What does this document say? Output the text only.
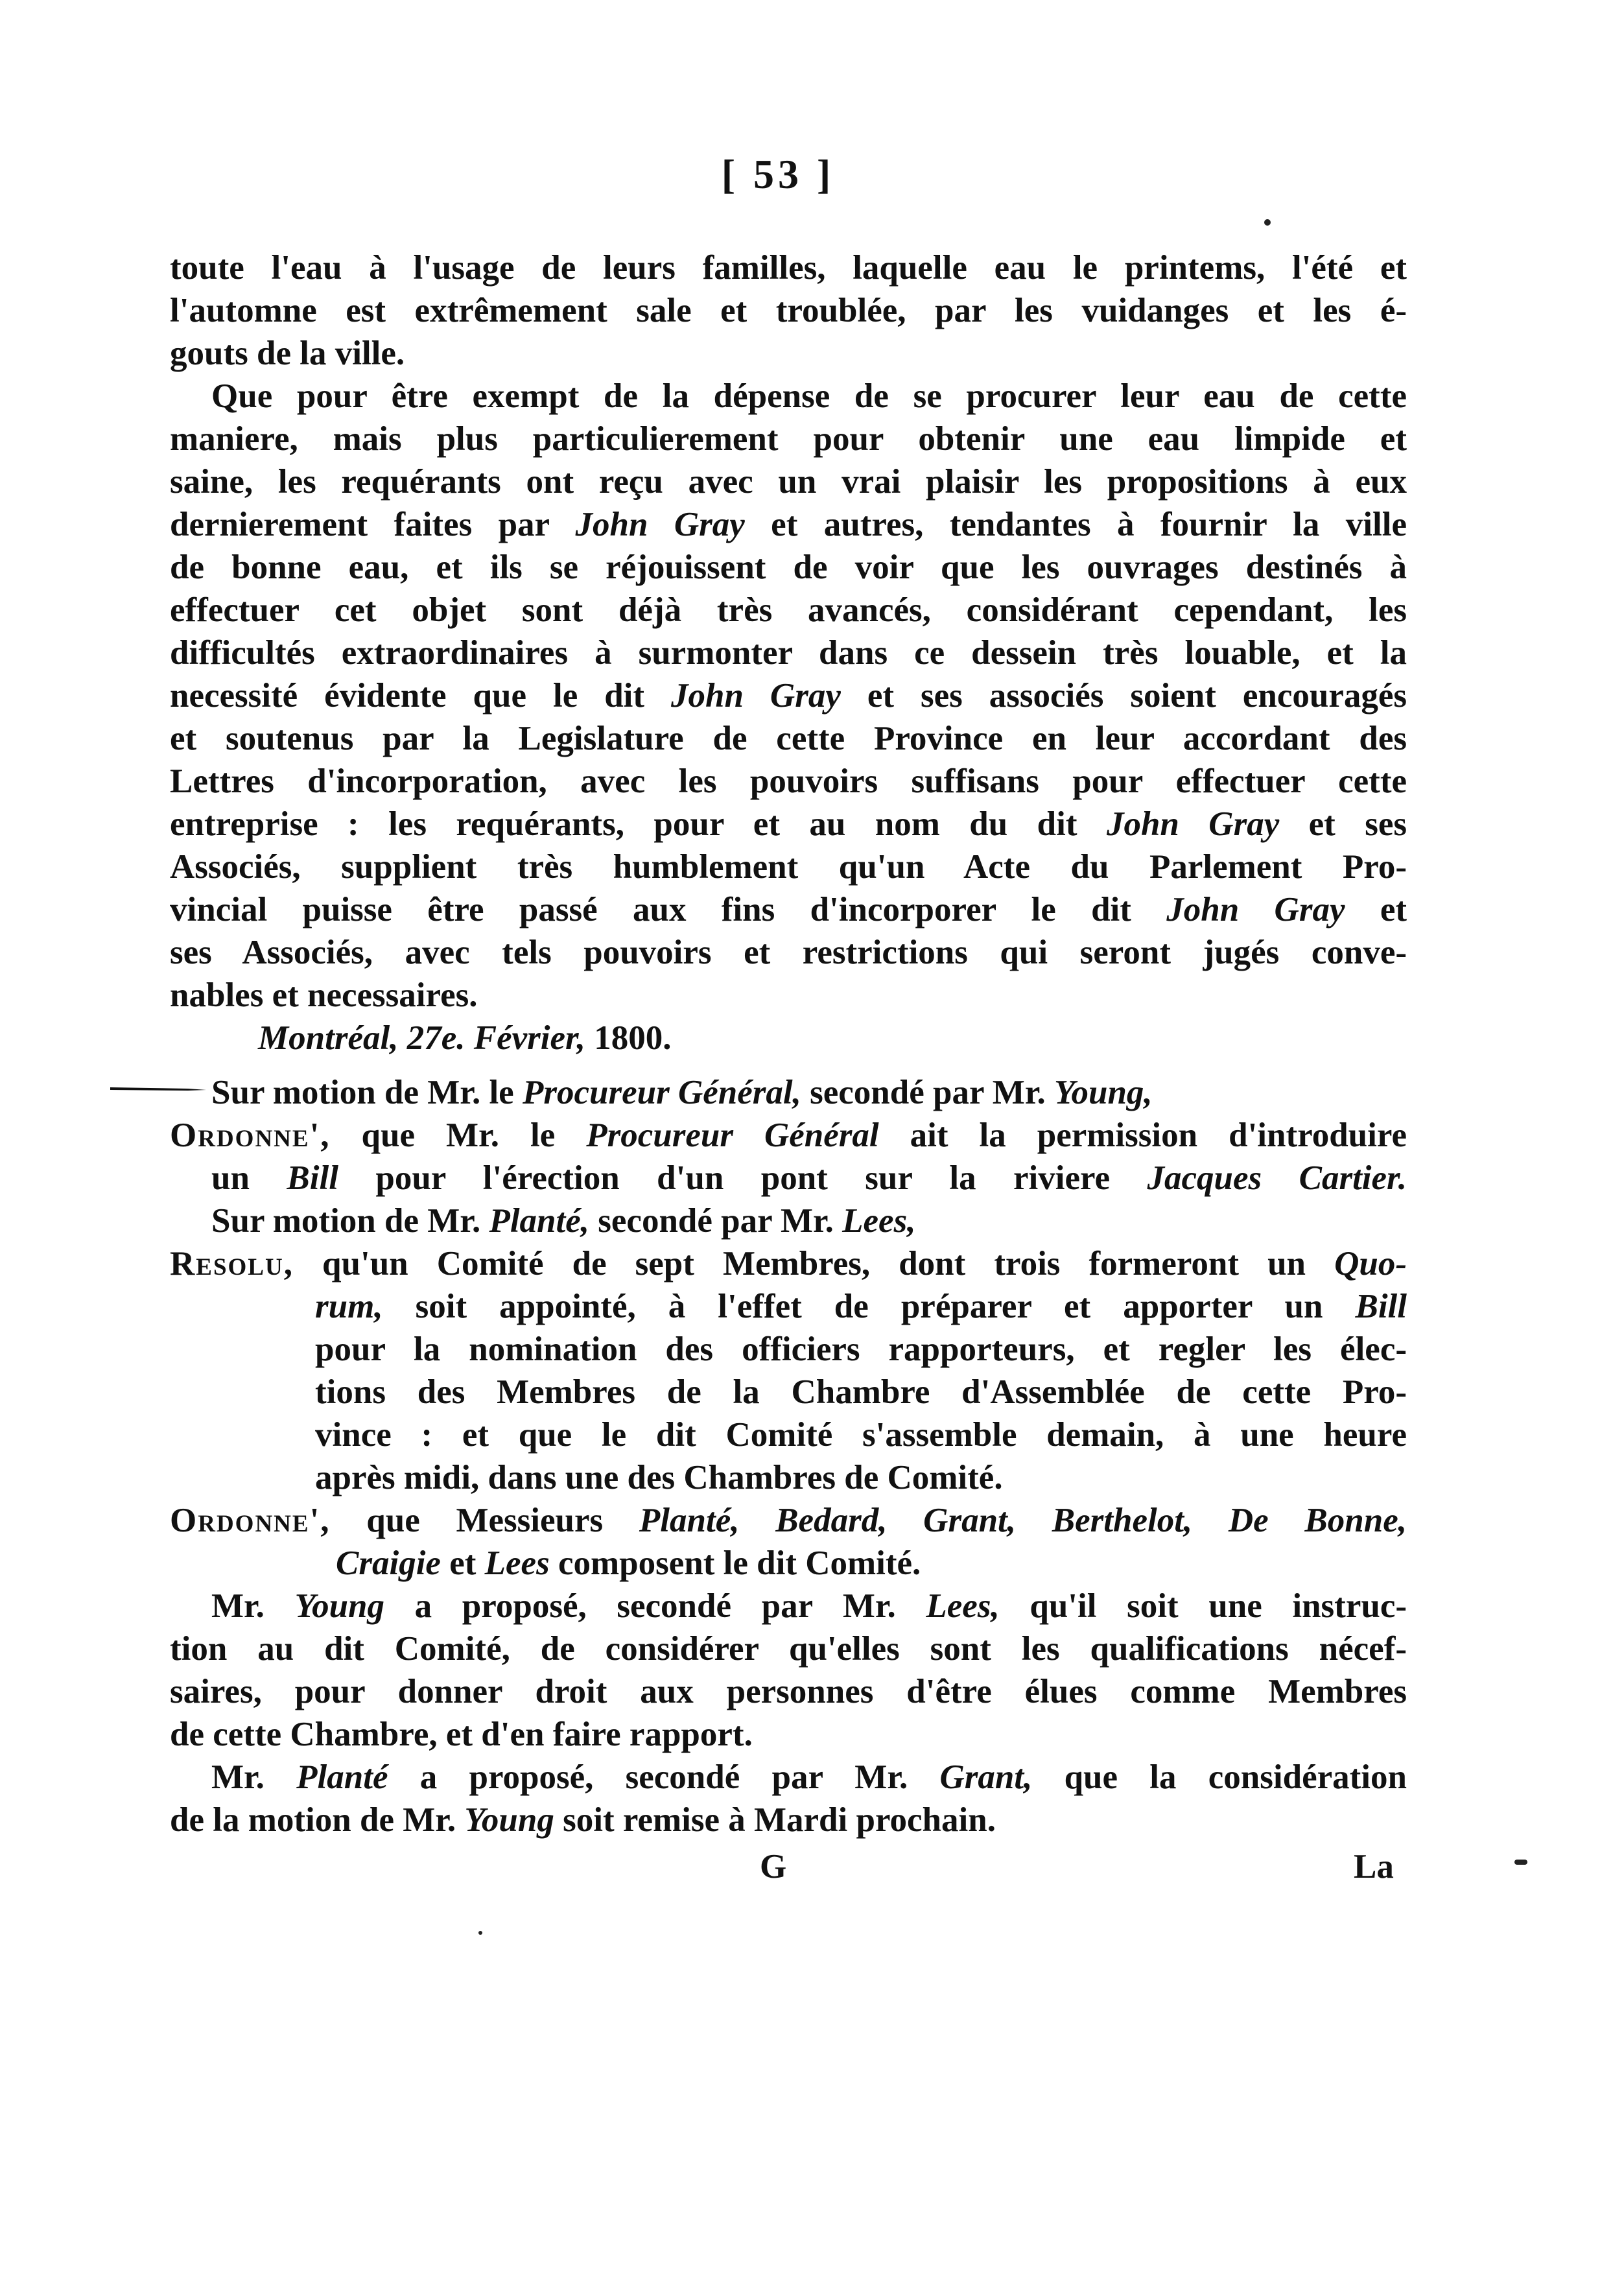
[ 53 ]
toute l'eau à l'usage de leurs familles, laquelle eau le printems, l'été et
l'automne est extrêmement sale et troublée, par les vuidanges et les é-
gouts de la ville.
Que pour être exempt de la dépense de se procurer leur eau de cette
maniere, mais plus particulierement pour obtenir une eau limpide et
saine, les requérants ont reçu avec un vrai plaisir les propositions à eux
dernierement faites par John Gray et autres, tendantes à fournir la ville
de bonne eau, et ils se réjouissent de voir que les ouvrages destinés à
effectuer cet objet sont déjà très avancés, considérant cependant, les
difficultés extraordinaires à surmonter dans ce dessein très louable, et la
necessité évidente que le dit John Gray et ses associés soient encouragés
et soutenus par la Legislature de cette Province en leur accordant des
Lettres d'incorporation, avec les pouvoirs suffisans pour effectuer cette
entreprise : les requérants, pour et au nom du dit John Gray et ses
Associés, supplient très humblement qu'un Acte du Parlement Pro-
vincial puisse être passé aux fins d'incorporer le dit John Gray et
ses Associés, avec tels pouvoirs et restrictions qui seront jugés conve-
nables et necessaires.
Montréal, 27e. Février, 1800.
Sur motion de Mr. le Procureur Général, secondé par Mr. Young,
Ordonne', que Mr. le Procureur Général ait la permission d'introduire
un Bill pour l'érection d'un pont sur la riviere Jacques Cartier.
Sur motion de Mr. Planté, secondé par Mr. Lees,
Resolu, qu'un Comité de sept Membres, dont trois formeront un Quo-
rum, soit appointé, à l'effet de préparer et apporter un Bill
pour la nomination des officiers rapporteurs, et regler les élec-
tions des Membres de la Chambre d'Assemblée de cette Pro-
vince : et que le dit Comité s'assemble demain, à une heure
après midi, dans une des Chambres de Comité.
Ordonne', que Messieurs Planté, Bedard, Grant, Berthelot, De Bonne,
Craigie et Lees composent le dit Comité.
Mr. Young a proposé, secondé par Mr. Lees, qu'il soit une instruc-
tion au dit Comité, de considérer qu'elles sont les qualifications nécef-
saires, pour donner droit aux personnes d'être élues comme Membres
de cette Chambre, et d'en faire rapport.
Mr. Planté a proposé, secondé par Mr. Grant, que la considération
de la motion de Mr. Young soit remise à Mardi prochain.
G	La
